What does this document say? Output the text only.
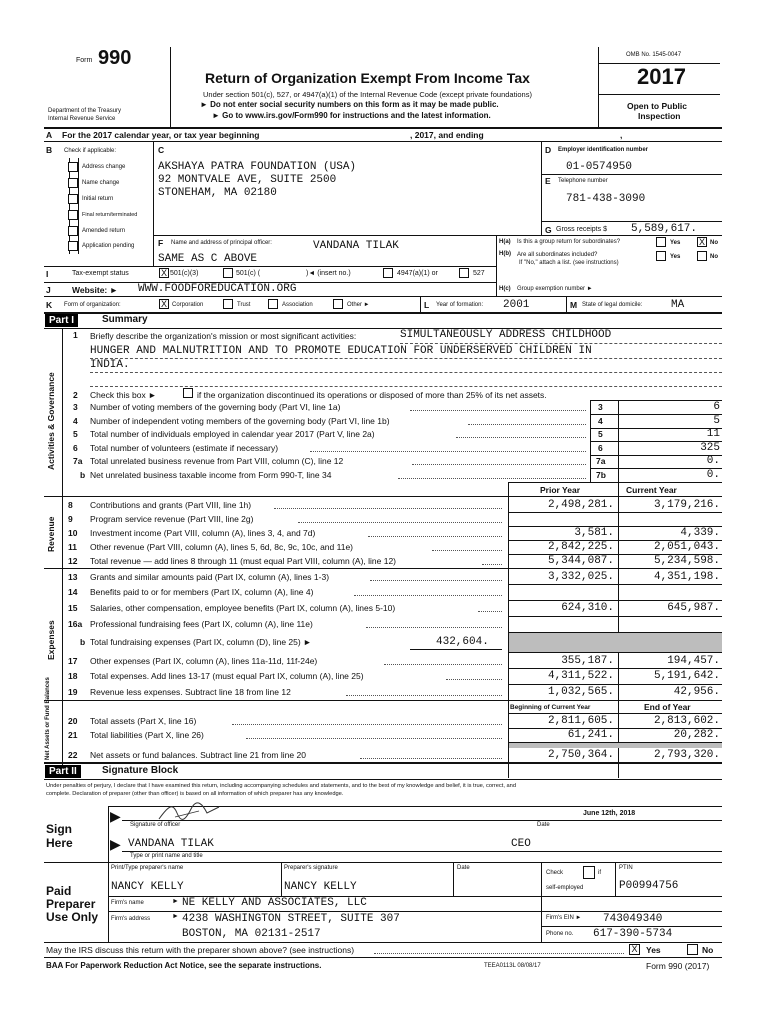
Form 990
Return of Organization Exempt From Income Tax
Under section 501(c), 527, or 4947(a)(1) of the Internal Revenue Code (except private foundations)
► Do not enter social security numbers on this form as it may be made public.
► Go to www.irs.gov/Form990 for instructions and the latest information.
Department of the Treasury
Internal Revenue Service
OMB No. 1545-0047
2017
Open to Public
Inspection
A For the 2017 calendar year, or tax year beginning	, 2017, and ending	,
B Check if applicable:
Address change
Name change
Initial return
Final return/terminated
Amended return
Application pending
C
AKSHAYA PATRA FOUNDATION (USA)
92 MONTVALE AVE, SUITE 2500
STONEHAM, MA 02180
D Employer identification number
01-0574950
E Telephone number
781-438-3090
G Gross receipts $ 5,589,617.
F Name and address of principal officer:	VANDANA TILAK
SAME AS C ABOVE
H(a) Is this a group return for subordinates?	Yes X No
H(b) Are all subordinates included?
If "No," attach a list. (see instructions)
Yes	No
I	Tax-exempt status	X 501(c)(3)	501(c) (	)◄ (insert no.)	4947(a)(1) or	527
J	Website: ► WWW.FOODFOREDUCATION.ORG	H(c) Group exemption number ►
K Form of organization:	X Corporation	Trust	Association	Other ►	L Year of formation: 2001	M State of legal domicile:	MA
Part I	Summary
Activities & Governance
1 Briefly describe the organization's mission or most significant activities:	SIMULTANEOUSLY ADDRESS CHILDHOOD
HUNGER AND MALNUTRITION AND TO PROMOTE EDUCATION FOR UNDERSERVED CHILDREN IN
INDIA.
2 Check this box ►	if the organization discontinued its operations or disposed of more than 25% of its net assets.
3 Number of voting members of the governing body (Part VI, line 1a)	3	6
4 Number of independent voting members of the governing body (Part VI, line 1b)	4	5
5 Total number of individuals employed in calendar year 2017 (Part V, line 2a)	5	11
6 Total number of volunteers (estimate if necessary)	6	325
7a Total unrelated business revenue from Part VIII, column (C), line 12	7a	0.
b Net unrelated business taxable income from Form 990-T, line 34	7b	0.
Prior Year	Current Year
Revenue
8 Contributions and grants (Part VIII, line 1h)	2,498,281.	3,179,216.
9 Program service revenue (Part VIII, line 2g)
10 Investment income (Part VIII, column (A), lines 3, 4, and 7d)	3,581.	4,339.
11 Other revenue (Part VIII, column (A), lines 5, 6d, 8c, 9c, 10c, and 11e)	2,842,225.	2,051,043.
12 Total revenue — add lines 8 through 11 (must equal Part VIII, column (A), line 12)	5,344,087.	5,234,598.
Expenses
13 Grants and similar amounts paid (Part IX, column (A), lines 1-3)	3,332,025.	4,351,198.
14 Benefits paid to or for members (Part IX, column (A), line 4)
15 Salaries, other compensation, employee benefits (Part IX, column (A), lines 5-10)	624,310.	645,987.
16a Professional fundraising fees (Part IX, column (A), line 11e)
b Total fundraising expenses (Part IX, column (D), line 25) ►	432,604.
17 Other expenses (Part IX, column (A), lines 11a-11d, 11f-24e)	355,187.	194,457.
18 Total expenses. Add lines 13-17 (must equal Part IX, column (A), line 25)	4,311,522.	5,191,642.
19 Revenue less expenses. Subtract line 18 from line 12	1,032,565.	42,956.
Beginning of Current Year	End of Year
Net Assets or Fund Balances 20 Total assets (Part X, line 16)	2,811,605.	2,813,602.
21 Total liabilities (Part X, line 26)	61,241.	20,282.
22 Net assets or fund balances. Subtract line 21 from line 20	2,750,364.	2,793,320.
Part II	Signature Block
Under penalties of perjury, I declare that I have examined this return, including accompanying schedules and statements, and to the best of my knowledge and belief, it is true, correct, and
complete. Declaration of preparer (other than officer) is based on all information of which preparer has any knowledge.
Sign
Here
▶
▶
June 12th, 2018
Signature of officer	Date
VANDANA TILAK	CEO
Type or print name and title
Paid
Preparer
Use Only
Print/Type preparer's name	Preparer's signature	Date
Check	if
self-employed
PTIN
P00994756
NANCY KELLY	NANCY KELLY
Firm's name	► NE KELLY AND ASSOCIATES, LLC
Firm's EIN ► 743049340
Firm's address	► 4238 WASHINGTON STREET, SUITE 307
BOSTON, MA 02131-2517	Phone no. 617-390-5734
May the IRS discuss this return with the preparer shown above? (see instructions)	X Yes	No
BAA For Paperwork Reduction Act Notice, see the separate instructions.	TEEA0113L 08/08/17	Form 990 (2017)
